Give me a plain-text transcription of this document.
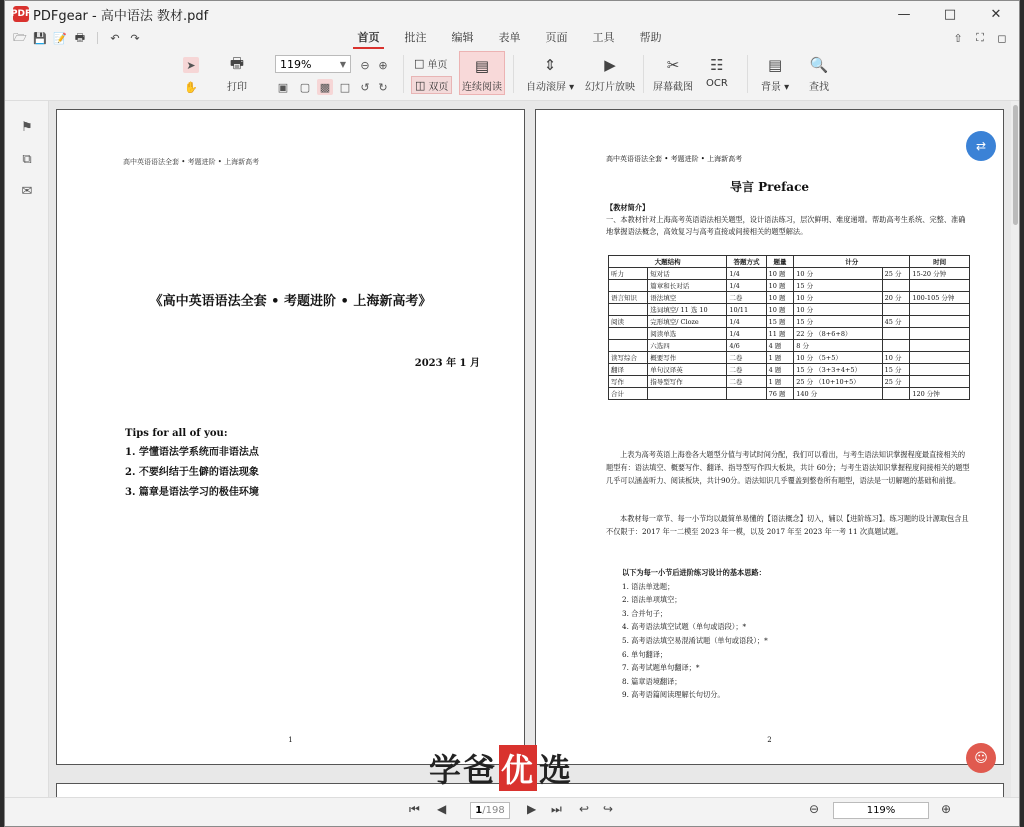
PDF PDFgear - 高中语法 教材.pdf	—	□	✕
🗁 💾 📝 🖶 ↶ ↷	首页	批注	编辑	表单	页面	工具	帮助	⇧ ⛶ ◻
➤
✋
🖶
打印
119%	▼	⊖ ⊕
▣ ▢ ▩ □ ↺ ↻
□ 单页
◫ 双页
▤
连续阅读
⇕
自动滚屏 ▾
▶
幻灯片放映
✂
屏幕截图
☷
OCR
▤
背景 ▾
🔍
查找
⚑
⧉
✉
高中英语语法全套 • 考题进阶 • 上海新高考
《高中英语语法全套 • 考题进阶 • 上海新高考》
2023 年 1 月
Tips for all of you:
1. 学懂语法学系统而非语法点
2. 不要纠结于生僻的语法现象
3. 篇章是语法学习的极佳环境
1
高中英语语法全套 • 考题进阶 • 上海新高考
导言 Preface
【教材简介】
一、本教材针对上海高考英语语法相关题型，设计语法练习，层次鲜明、难度递增。帮助高考生系统、完整、准确地掌握语法概念，高效复习与高考直接或间接相关的题型解法。
大题结构		答题方式	题量	计分		时间
听力	短对话	1/4	10 题	10 分	25 分	15-20 分钟
	篇章和长对话	1/4	10 题	15 分		
语言知识	语法填空	二卷	10 题	10 分	20 分	100-105 分钟
	选词填空/ 11 选 10	10/11	10 题	10 分		
阅读	完形填空/ Cloze	1/4	15 题	15 分	45 分	
	阅读单选	1/4	11 题	22 分 （8+6+8）		
	六选四	4/6	4 题	8 分		
读写综合	概要写作	二卷	1 题	10 分 （5+5）	10 分	
翻译	单句汉译英	二卷	4 题	15 分 （3+3+4+5）	15 分	
写作	指导型写作	二卷	1 题	25 分 （10+10+5）	25 分	
合计			76 题	140 分		120 分钟
上表为高考英语上海卷各大题型分值与考试时间分配，我们可以看出，与考生语法知识掌握程度最直接相关的题型有：语法填空、概要写作、翻译、指导型写作四大板块，共计 60分；与考生语法知识掌握程度间接相关的题型几乎可以涵盖听力、阅读板块，共计90分。语法知识几乎覆盖到整卷所有题型，语法是一切解题的基础和前提。
本教材每一章节、每一小节均以最简单易懂的【语法概念】切入，辅以【进阶练习】。练习题的设计源取包含且不仅限于：2017 年一二模至 2023 年一模，以及 2017 年至 2023 年一考 11 次真题试题。
以下为每一小节后进阶练习设计的基本思路：
1. 语法单选题；
2. 语法单项填空；
3. 合并句子；
4. 高考语法填空试题（单句或语段）；*
5. 高考语法填空易混淆试题（单句或语段）；*
6. 单句翻译；
7. 高考试题单句翻译；*
8. 篇章语境翻译；
9. 高考语篇阅读理解长句切分。
2
⇄
☺
学爸 优 选
⏮ ◀	1 /198 ▶ ⏭ ↩ ↪	⊖	119%	⊕
